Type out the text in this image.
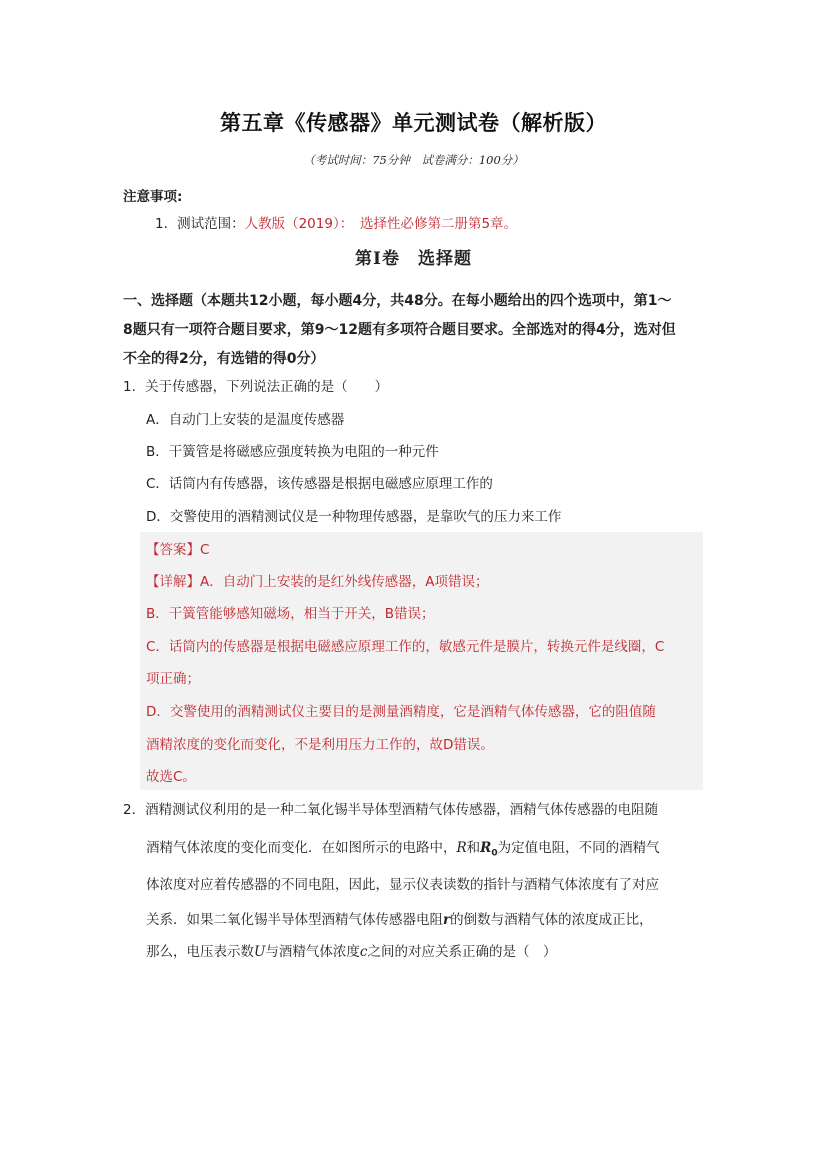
第五章《传感器》单元测试卷（解析版）
（考试时间：75分钟　试卷满分：100分）
注意事项:
1．测试范围：人教版（2019）：　选择性必修第二册第5章。
第Ⅰ卷　选择题
一、选择题（本题共12小题，每小题4分，共48分。在每小题给出的四个选项中，第1～
8题只有一项符合题目要求，第9～12题有多项符合题目要求。全部选对的得4分，选对但
不全的得2分，有选错的得0分）
1．关于传感器，下列说法正确的是（　　）
A．自动门上安装的是温度传感器
B．干簧管是将磁感应强度转换为电阻的一种元件
C．话筒内有传感器，该传感器是根据电磁感应原理工作的
D．交警使用的酒精测试仪是一种物理传感器，是靠吹气的压力来工作
【答案】C
【详解】A．自动门上安装的是红外线传感器，A项错误；
B．干簧管能够感知磁场，相当于开关，B错误；
C．话筒内的传感器是根据电磁感应原理工作的，敏感元件是膜片，转换元件是线圈，C
项正确；
D．交警使用的酒精测试仪主要目的是测量酒精度，它是酒精气体传感器，它的阻值随
酒精浓度的变化而变化，不是利用压力工作的，故D错误。
故选C。
2．酒精测试仪利用的是一种二氧化锡半导体型酒精气体传感器，酒精气体传感器的电阻随
酒精气体浓度的变化而变化．在如图所示的电路中，R和$R_0$为定值电阻，不同的酒精气
体浓度对应着传感器的不同电阻，因此，显示仪表读数的指针与酒精气体浓度有了对应
关系．如果二氧化锡半导体型酒精气体传感器电阻r的倒数与酒精气体的浓度成正比，
那么，电压表示数U与酒精气体浓度c之间的对应关系正确的是（　）
